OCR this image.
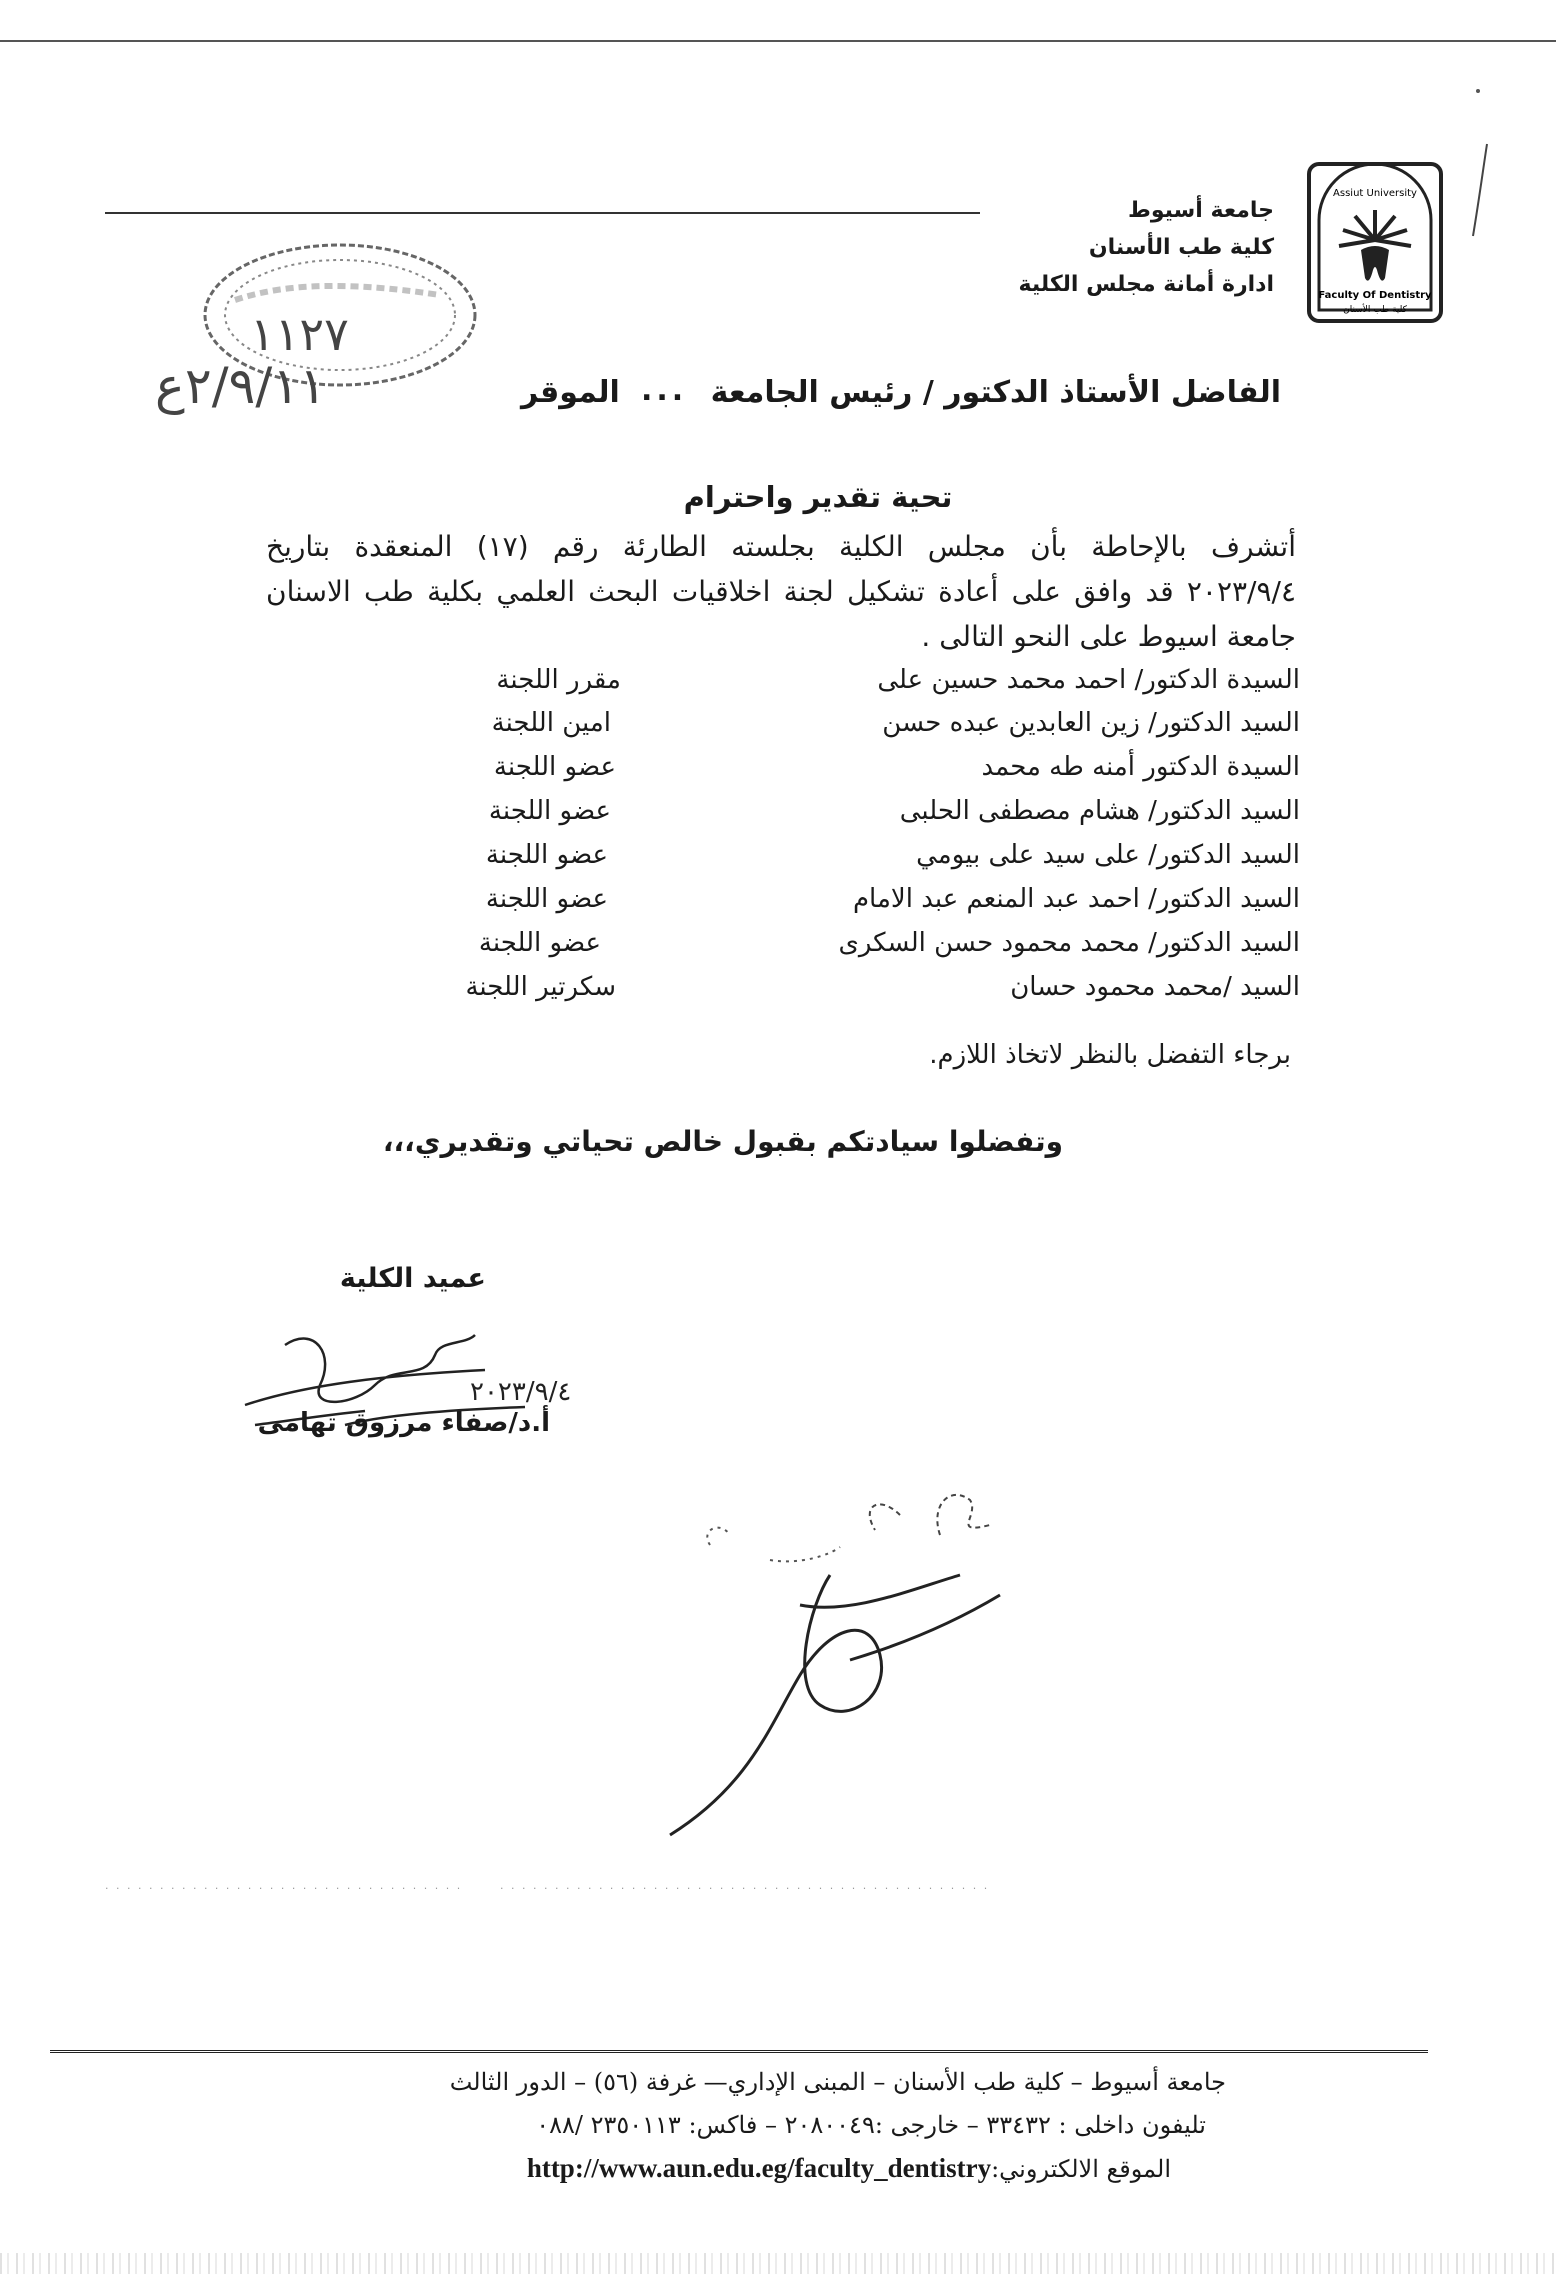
جامعة أسيوط
كلية طب الأسنان
ادارة أمانة مجلس الكلية
Assiut University
Faculty Of Dentistry
كلية طب الأسنان
١١٢٧
٢/٩/١١ع	الفاضل الأستاذ الدكتور / رئيس الجامعة
...
الموقر
تحية تقدير واحترام
أتشرف بالإحاطة بأن مجلس الكلية بجلسته الطارئة رقم (١٧) المنعقدة بتاريخ
٢٠٢٣/٩/٤ قد وافق على أعادة تشكيل لجنة اخلاقيات البحث العلمي بكلية طب الاسنان
جامعة اسيوط على النحو التالى .
السيدة الدكتور/ احمد محمد حسين على
مقرر اللجنة
السيد الدكتور/ زين العابدين عبده حسن
امين اللجنة
السيدة الدكتور أمنه طه محمد
عضو اللجنة
السيد الدكتور/ هشام مصطفى الحلبى
عضو اللجنة
السيد الدكتور/ على سيد على بيومي
عضو اللجنة
السيد الدكتور/ احمد عبد المنعم عبد الامام
عضو اللجنة
السيد الدكتور/ محمد محمود حسن السكرى
عضو اللجنة
السيد /محمد محمود حسان
سكرتير اللجنة
برجاء التفضل بالنظر لاتخاذ اللازم.
وتفضلوا سيادتكم بقبول خالص تحياتي وتقديري،،،
عميد الكلية
٢٠٢٣/٩/٤
أ.د/صفاء مرزوق تهامى
· · · · · · · · · · · · · · · · · · · · · · · · · · · · · · · · ·	· · · · · · · · · · · · · · · · · · · · · · · · · · · · · · · · · · · · · · · · · · · · ·
جامعة أسيوط – كلية طب الأسنان – المبنى الإداري— غرفة (٥٦) – الدور الثالث
تليفون داخلى : ٣٣٤٣٢ – خارجى :٢٠٨٠٠٤٩ – فاكس: ٢٣٥٠١١٣ /٠٨٨
الموقع الالكتروني:http://www.aun.edu.eg/faculty_dentistry
